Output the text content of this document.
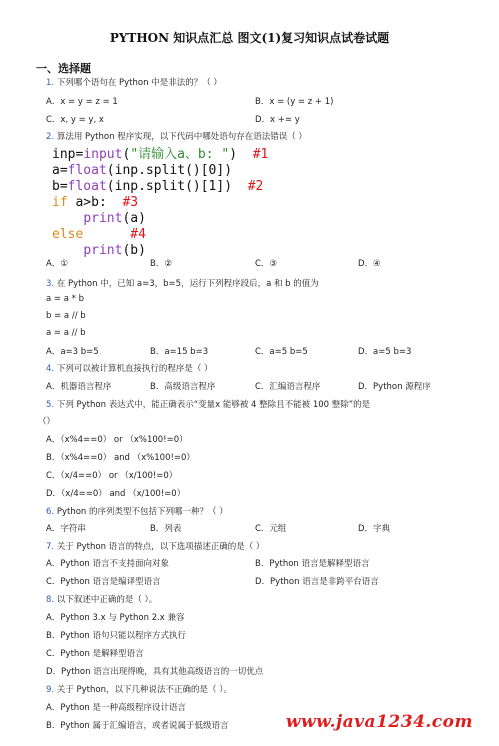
PYTHON 知识点汇总 图文(1)复习知识点试卷试题
一、选择题
1. 下列哪个语句在 Python 中是非法的？（ ）
A．x = y = z = 1	B．x = (y = z + 1)
C．x, y = y, x	D．x += y
2. 算法用 Python 程序实现，以下代码中哪处语句存在语法错误（ ）
inp=input("请输入a、b: ") #1
a=float(inp.split()[0])
b=float(inp.split()[1]) #2
if a>b: #3
print(a)
else	#4
print(b)
A．①	B．②	C．③	D．④
3. 在 Python 中，已知 a=3，b=5，运行下列程序段后，a 和 b 的值为
a = a * b
b = a // b
a = a // b
A．a=3 b=5	B．a=15 b=3	C．a=5 b=5	D．a=5 b=3
4. 下列可以被计算机直接执行的程序是（ ）
A．机器语言程序	B．高级语言程序	C．汇编语言程序	D．Python 源程序
5. 下列 Python 表达式中，能正确表示“变量x 能够被 4 整除且不能被 100 整除”的是
（）
A．（x%4==0） or （x%100!=0）
B．（x%4==0） and （x%100!=0）
C．（x/4==0） or （x/100!=0）
D．（x/4==0） and （x/100!=0）
6. Python 的序列类型不包括下列哪一种？（ ）
A．字符串	B．列表	C．元组	D．字典
7. 关于 Python 语言的特点，以下选项描述正确的是（ ）
A．Python 语言不支持面向对象	B．Python 语言是解释型语言
C．Python 语言是编译型语言	D．Python 语言是非跨平台语言
8. 以下叙述中正确的是（ ）。
A．Python 3.x 与 Python 2.x 兼容
B．Python 语句只能以程序方式执行
C．Python 是解释型语言
D．Python 语言出现得晚，具有其他高级语言的一切优点
9. 关于 Python，以下几种说法不正确的是（ ）。
A．Python 是一种高级程序设计语言
B．Python 属于汇编语言，或者说属于低级语言	www.java1234.com
